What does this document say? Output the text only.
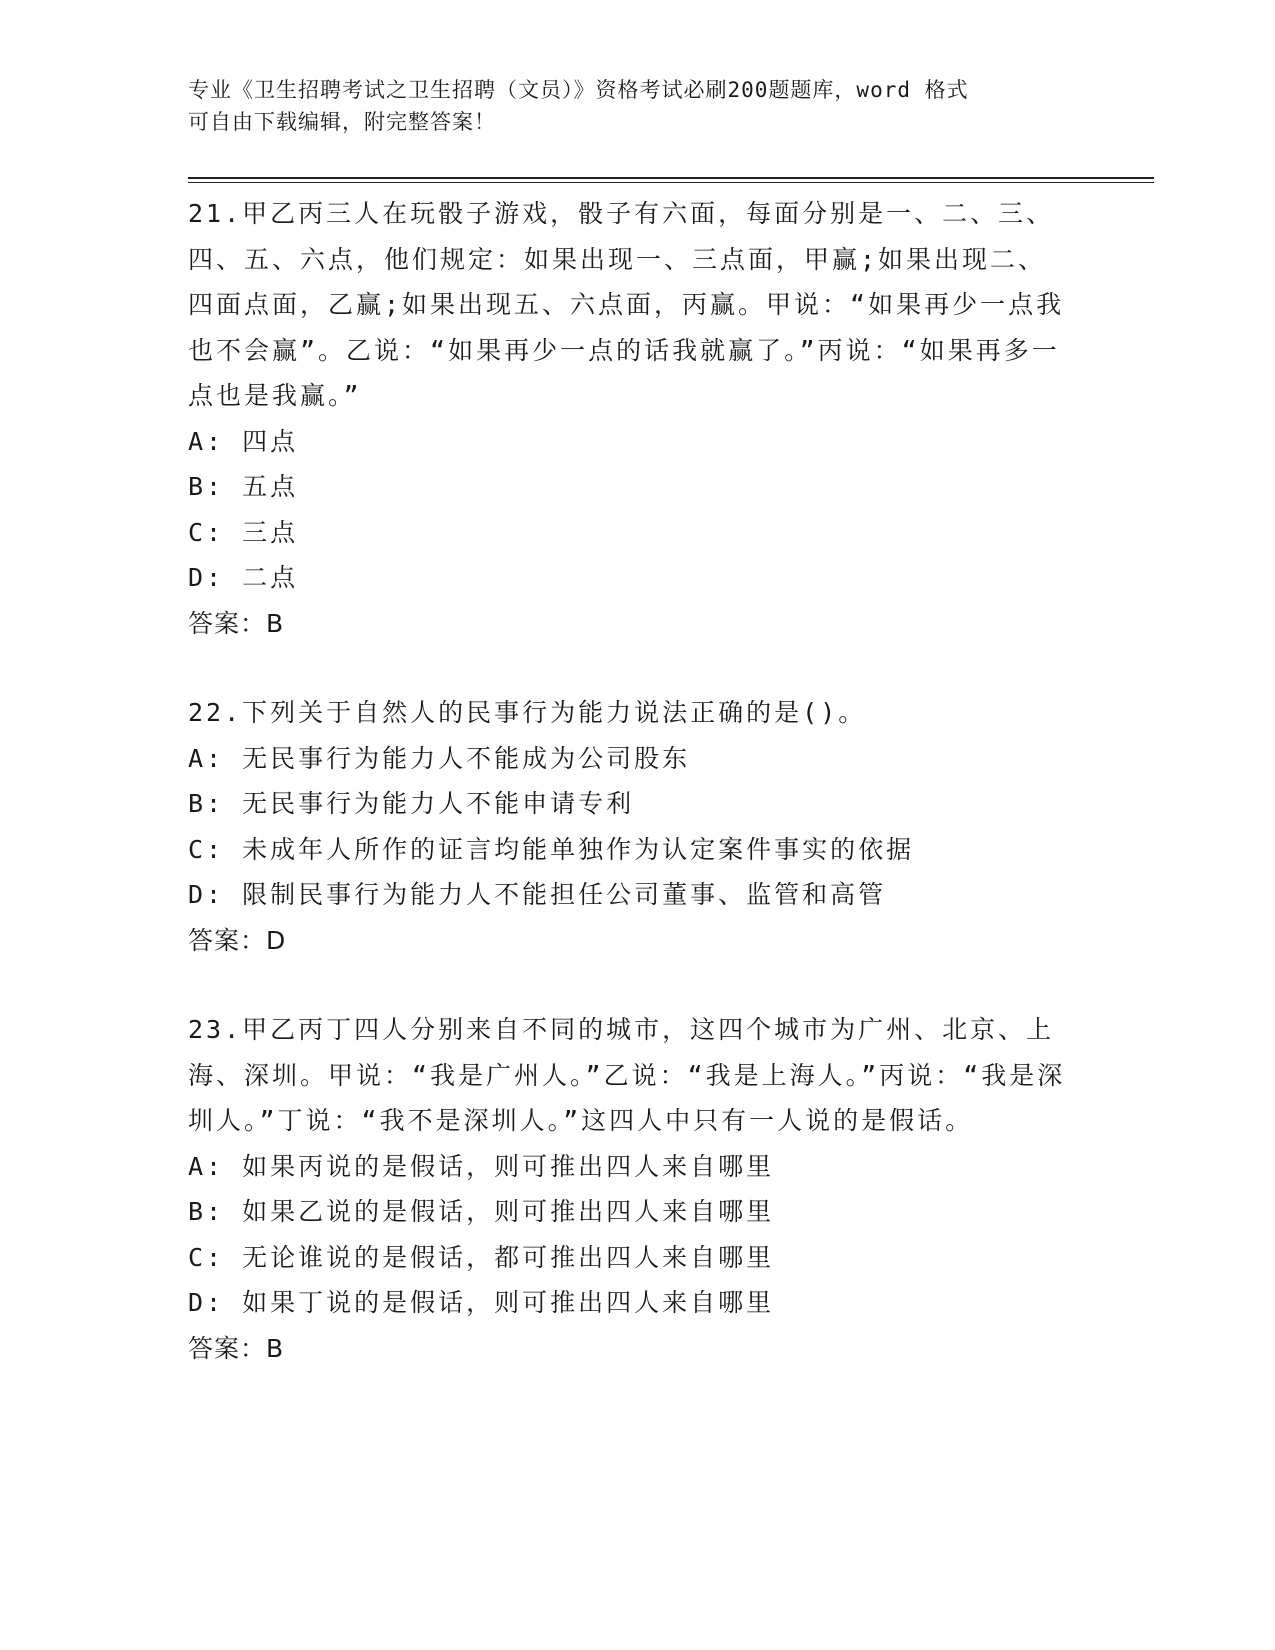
专业《卫生招聘考试之卫生招聘（文员）》资格考试必刷200题题库，word 格式
可自由下载编辑，附完整答案！

21.甲乙丙三人在玩骰子游戏，骰子有六面，每面分别是一、二、三、四、五、六点，他们规定：如果出现一、三点面，甲赢;如果出现二、四面点面，乙赢;如果出现五、六点面，丙赢。甲说：“如果再少一点我也不会赢”。乙说：“如果再少一点的话我就赢了。”丙说：“如果再多一点也是我赢。”

A: 四点

B: 五点

C: 三点

D: 二点

答案：B

22.下列关于自然人的民事行为能力说法正确的是()。

A: 无民事行为能力人不能成为公司股东

B: 无民事行为能力人不能申请专利

C: 未成年人所作的证言均能单独作为认定案件事实的依据

D: 限制民事行为能力人不能担任公司董事、监管和高管

答案：D

23.甲乙丙丁四人分别来自不同的城市，这四个城市为广州、北京、上海、深圳。甲说：“我是广州人。”乙说：“我是上海人。”丙说：“我是深圳人。”丁说：“我不是深圳人。”这四人中只有一人说的是假话。

A: 如果丙说的是假话，则可推出四人来自哪里

B: 如果乙说的是假话，则可推出四人来自哪里

C: 无论谁说的是假话，都可推出四人来自哪里

D: 如果丁说的是假话，则可推出四人来自哪里

答案：B
